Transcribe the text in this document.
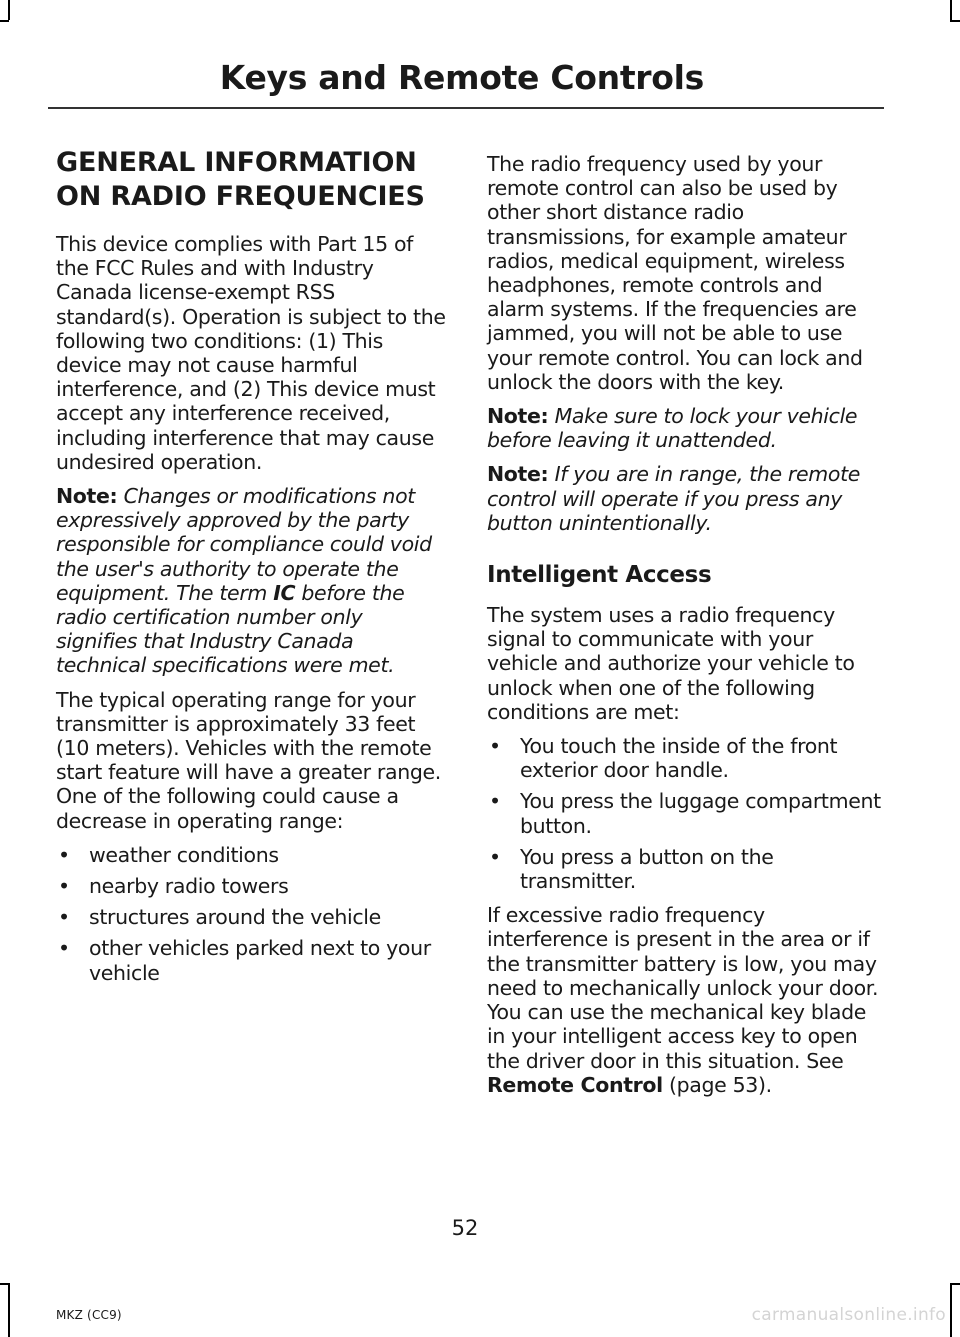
Keys and Remote Controls
GENERAL INFORMATION
ON RADIO FREQUENCIES

This device complies with Part 15 of the FCC Rules and with Industry Canada license-exempt RSS standard(s). Operation is subject to the following two conditions: (1) This device may not cause harmful interference, and (2) This device must accept any interference received, including interference that may cause undesired operation.

Note: Changes or modifications not expressively approved by the party responsible for compliance could void the user's authority to operate the equipment. The term IC before the radio certification number only signifies that Industry Canada technical specifications were met.

The typical operating range for your transmitter is approximately 33 feet (10 meters). Vehicles with the remote start feature will have a greater range. One of the following could cause a decrease in operating range:

• weather conditions
• nearby radio towers
• structures around the vehicle
• other vehicles parked next to your vehicle

The radio frequency used by your remote control can also be used by other short distance radio transmissions, for example amateur radios, medical equipment, wireless headphones, remote controls and alarm systems. If the frequencies are jammed, you will not be able to use your remote control. You can lock and unlock the doors with the key.

Note: Make sure to lock your vehicle before leaving it unattended.

Note: If you are in range, the remote control will operate if you press any button unintentionally.

Intelligent Access

The system uses a radio frequency signal to communicate with your vehicle and authorize your vehicle to unlock when one of the following conditions are met:

• You touch the inside of the front exterior door handle.
• You press the luggage compartment button.
• You press a button on the transmitter.

If excessive radio frequency interference is present in the area or if the transmitter battery is low, you may need to mechanically unlock your door. You can use the mechanical key blade in your intelligent access key to open the driver door in this situation. See Remote Control (page 53).

52
MKZ (CC9)	carmanualsonline.info
